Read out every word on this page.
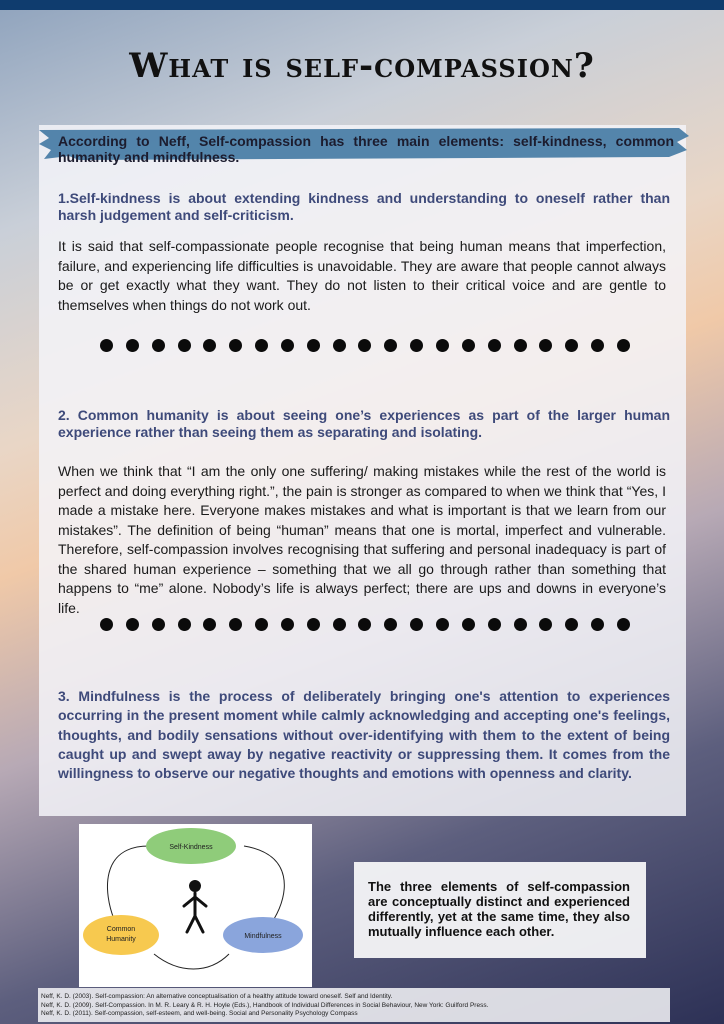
What is self-compassion?
According to Neff, Self-compassion has three main elements: self-kindness, common humanity and mindfulness.
1.Self-kindness is about extending kindness and understanding to oneself rather than harsh judgement and self-criticism.
It is said that self-compassionate people recognise that being human means that imperfection, failure, and experiencing life difficulties is unavoidable. They are aware that people cannot always be or get exactly what they want. They do not listen to their critical voice and are gentle to themselves when things do not work out.
2. Common humanity is about seeing one’s experiences as part of the larger human experience rather than seeing them as separating and isolating.
When we think that “I am the only one suffering/ making mistakes while the rest of the world is perfect and doing everything right.”, the pain is stronger as compared to when we think that “Yes, I made a mistake here. Everyone makes mistakes and what is important is that we learn from our mistakes”. The definition of being “human” means that one is mortal, imperfect and vulnerable. Therefore, self-compassion involves recognising that suffering and personal inadequacy is part of the shared human experience – something that we all go through rather than something that happens to “me” alone. Nobody’s life is always perfect; there are ups and downs in everyone’s life.
3. Mindfulness is the process of deliberately bringing one's attention to experiences occurring in the present moment while calmly acknowledging and accepting one's feelings, thoughts, and bodily sensations without over-identifying with them to the extent of being caught up and swept away by negative reactivity or suppressing them. It comes from the willingness to observe our negative thoughts and emotions with openness and clarity.
Self-Kindness
Common
Humanity	Mindfulness

The three elements of self-compassion are conceptually distinct and experienced differently, yet at the same time, they also mutually influence each other.

Neff, K. D. (2003). Self-compassion: An alternative conceptualisation of a healthy attitude toward oneself. Self and Identity.
Neff, K. D. (2009). Self-Compassion. In M. R. Leary & R. H. Hoyle (Eds.), Handbook of Individual Differences in Social Behaviour, New York: Guilford Press.
Neff, K. D. (2011). Self-compassion, self-esteem, and well-being. Social and Personality Psychology Compass
